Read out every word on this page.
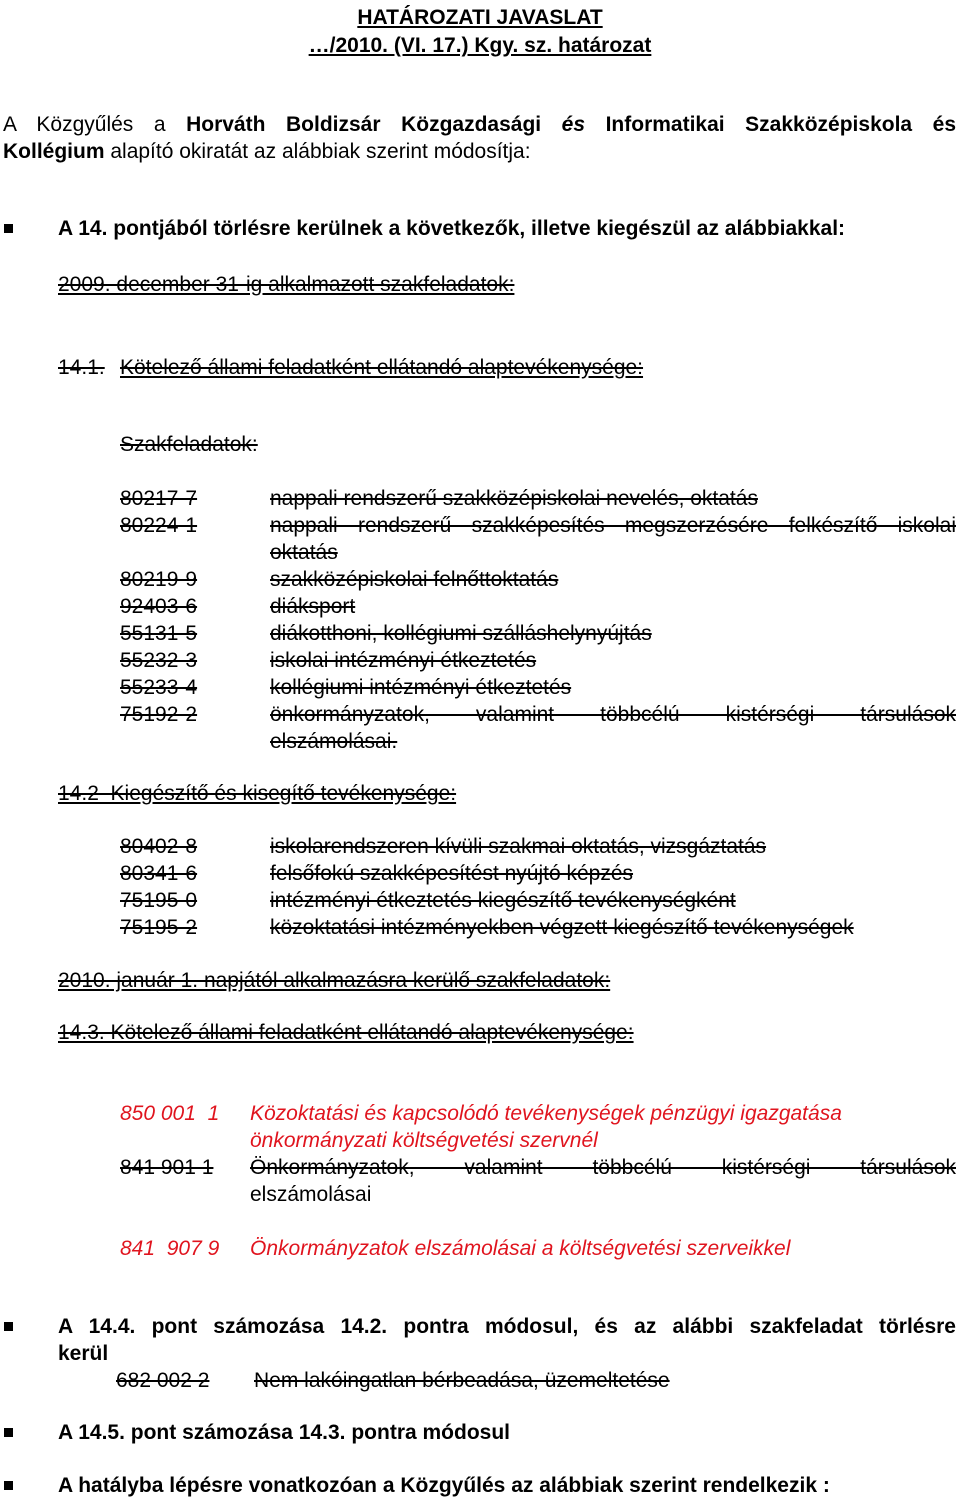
HATÁROZATI JAVASLAT
…/2010. (VI. 17.) Kgy. sz. határozat
A Közgyűlés a Horváth Boldizsár Közgazdasági és Informatikai Szakközépiskola és
Kollégium alapító okiratát az alábbiak szerint módosítja:
A 14. pontjából törlésre kerülnek a következők, illetve kiegészül az alábbiakkal:
2009. december 31-ig alkalmazott szakfeladatok:
14.1. Kötelező állami feladatként ellátandó alaptevékenysége:
Szakfeladatok:
80217-7	nappali rendszerű szakközépiskolai nevelés, oktatás
80224-1	nappali rendszerű szakképesítés megszerzésére felkészítő iskolai
oktatás
80219-9	szakközépiskolai felnőttoktatás
92403-6	diáksport
55131-5	diákotthoni, kollégiumi szálláshelynyújtás
55232-3	iskolai intézményi étkeztetés
55233-4	kollégiumi intézményi étkeztetés
75192-2	önkormányzatok, valamint többcélú kistérségi társulások
elszámolásai.
14.2  Kiegészítő és kisegítő tevékenysége:
80402-8	iskolarendszeren kívüli szakmai oktatás, vizsgáztatás
80341-6	felsőfokú szakképesítést nyújtó képzés
75195-0	intézményi étkeztetés kiegészítő tevékenységként
75195-2	közoktatási intézményekben végzett kiegészítő tevékenységek
2010. január 1. napjától alkalmazásra kerülő szakfeladatok:
14.3. Kötelező állami feladatként ellátandó alaptevékenysége:
850 001  1 Közoktatási és kapcsolódó tevékenységek pénzügyi igazgatása
önkormányzati költségvetési szervnél
841 901 1 Önkormányzatok, valamint többcélú kistérségi társulások
elszámolásai
841  907 9 Önkormányzatok elszámolásai a költségvetési szerveikkel
A 14.4. pont számozása 14.2. pontra módosul, és az alábbi szakfeladat törlésre
kerül
682 002 2 Nem lakóingatlan bérbeadása, üzemeltetése
A 14.5. pont számozása 14.3. pontra módosul
A hatályba lépésre vonatkozóan a Közgyűlés az alábbiak szerint rendelkezik :
